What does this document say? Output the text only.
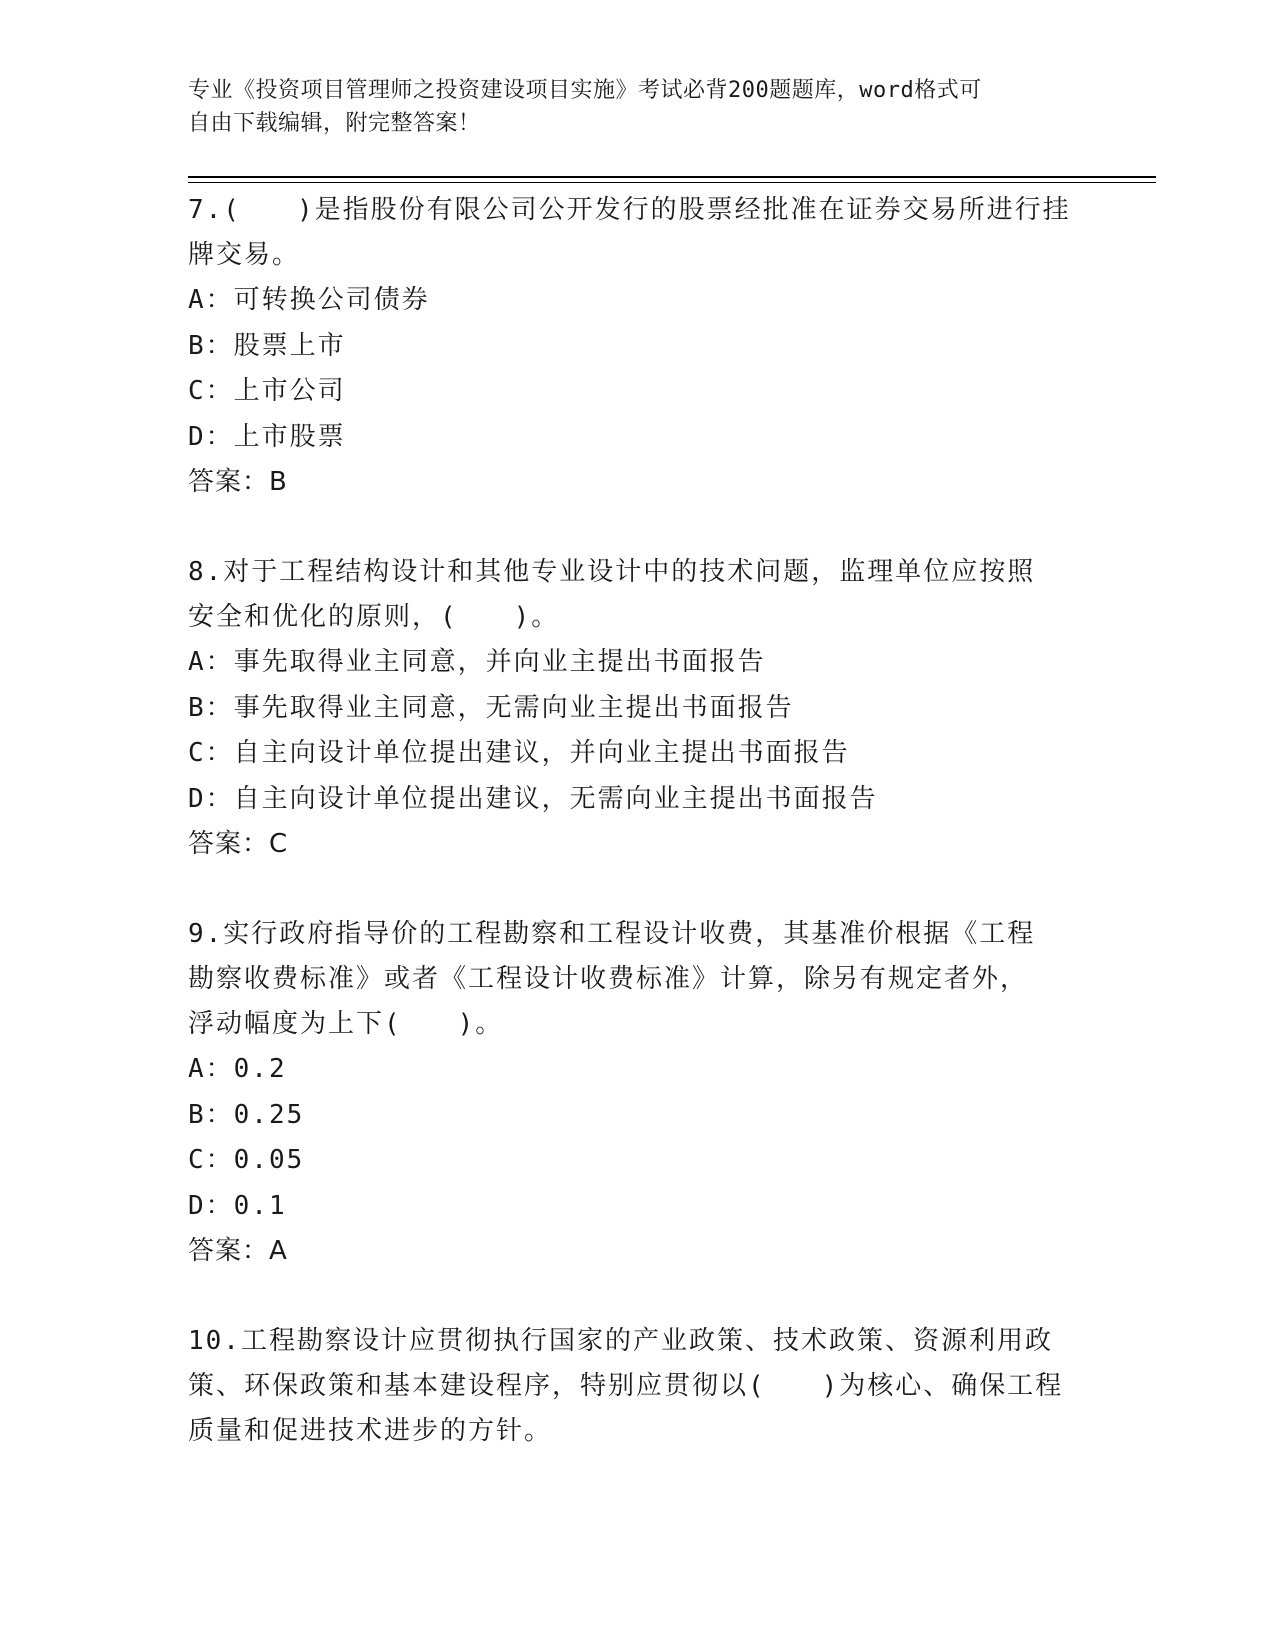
专业《投资项目管理师之投资建设项目实施》考试必背200题题库，word格式可
自由下载编辑，附完整答案！

7.(　　)是指股份有限公司公开发行的股票经批准在证券交易所进行挂

牌交易。

A：可转换公司债券

B：股票上市

C：上市公司

D：上市股票

答案：B

8.对于工程结构设计和其他专业设计中的技术问题，监理单位应按照

安全和优化的原则，(　　)。

A：事先取得业主同意，并向业主提出书面报告

B：事先取得业主同意，无需向业主提出书面报告

C：自主向设计单位提出建议，并向业主提出书面报告

D：自主向设计单位提出建议，无需向业主提出书面报告

答案：C

9.实行政府指导价的工程勘察和工程设计收费，其基准价根据《工程

勘察收费标准》或者《工程设计收费标准》计算，除另有规定者外，

浮动幅度为上下(　　)。

A：0.2

B：0.25

C：0.05

D：0.1

答案：A

10.工程勘察设计应贯彻执行国家的产业政策、技术政策、资源利用政

策、环保政策和基本建设程序，特别应贯彻以(　　)为核心、确保工程

质量和促进技术进步的方针。
